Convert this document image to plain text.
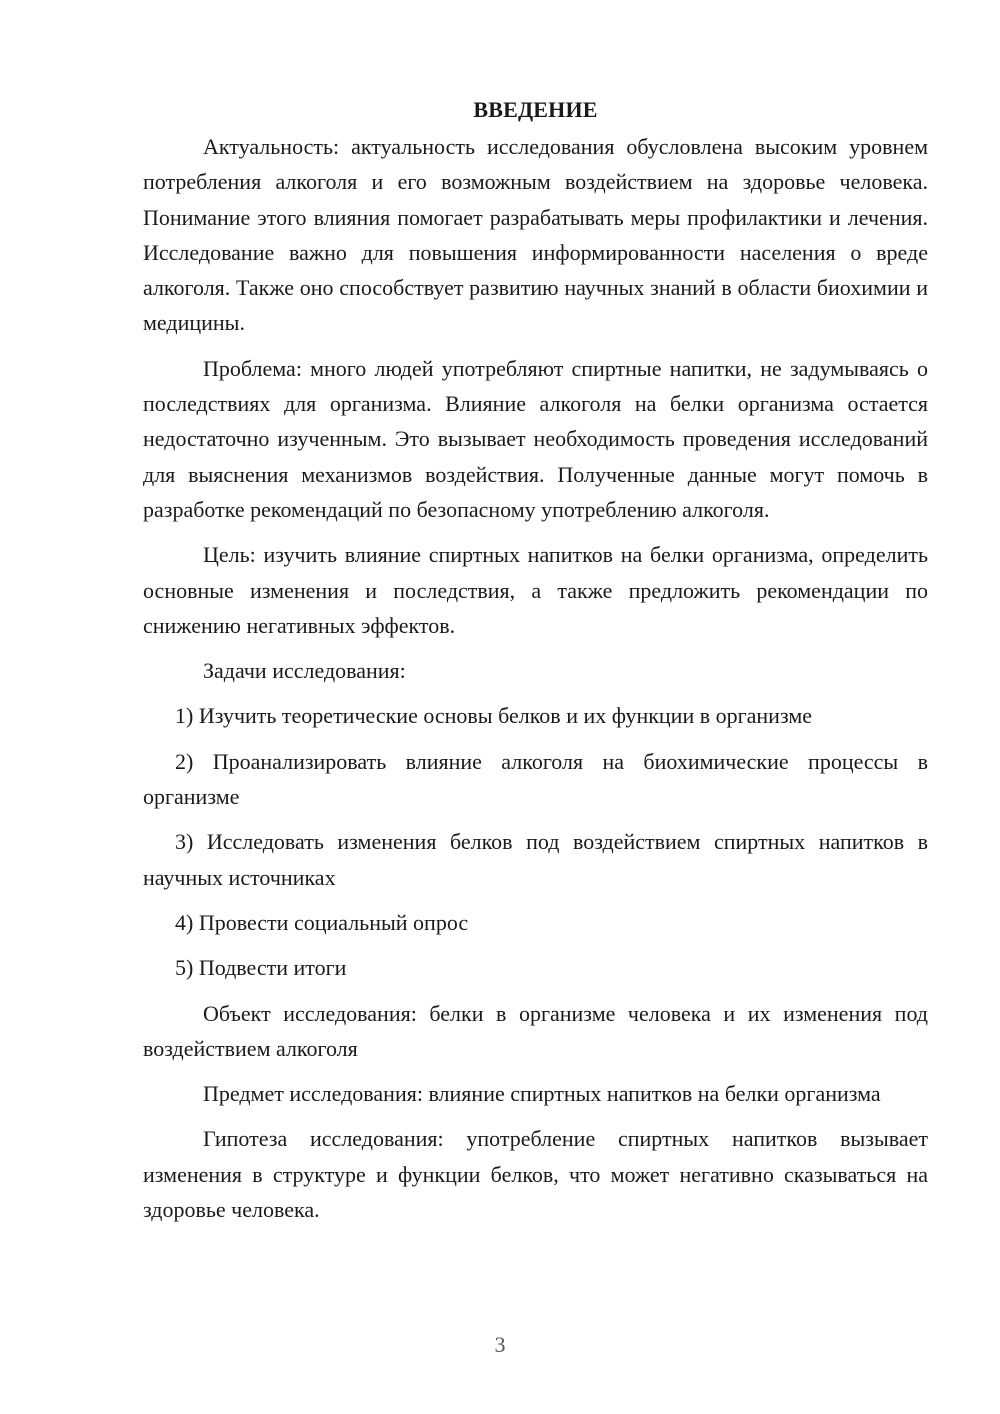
ВВЕДЕНИЕ

Актуальность: актуальность исследования обусловлена высоким уровнем потребления алкоголя и его возможным воздействием на здоровье человека. Понимание этого влияния помогает разрабатывать меры профилактики и лечения. Исследование важно для повышения информированности населения о вреде алкоголя. Также оно способствует развитию научных знаний в области биохимии и медицины.

Проблема: много людей употребляют спиртные напитки, не задумываясь о последствиях для организма. Влияние алкоголя на белки организма остается недостаточно изученным. Это вызывает необходимость проведения исследований для выяснения механизмов воздействия. Полученные данные могут помочь в разработке рекомендаций по безопасному употреблению алкоголя.

Цель: изучить влияние спиртных напитков на белки организма, определить основные изменения и последствия, а также предложить рекомендации по снижению негативных эффектов.

Задачи исследования:

1) Изучить теоретические основы белков и их функции в организме

2) Проанализировать влияние алкоголя на биохимические процессы в организме

3) Исследовать изменения белков под воздействием спиртных напитков в научных источниках

4) Провести социальный опрос

5) Подвести итоги

Объект исследования: белки в организме человека и их изменения под воздействием алкоголя

Предмет исследования: влияние спиртных напитков на белки организма

Гипотеза исследования: употребление спиртных напитков вызывает изменения в структуре и функции белков, что может негативно сказываться на здоровье человека.

3
